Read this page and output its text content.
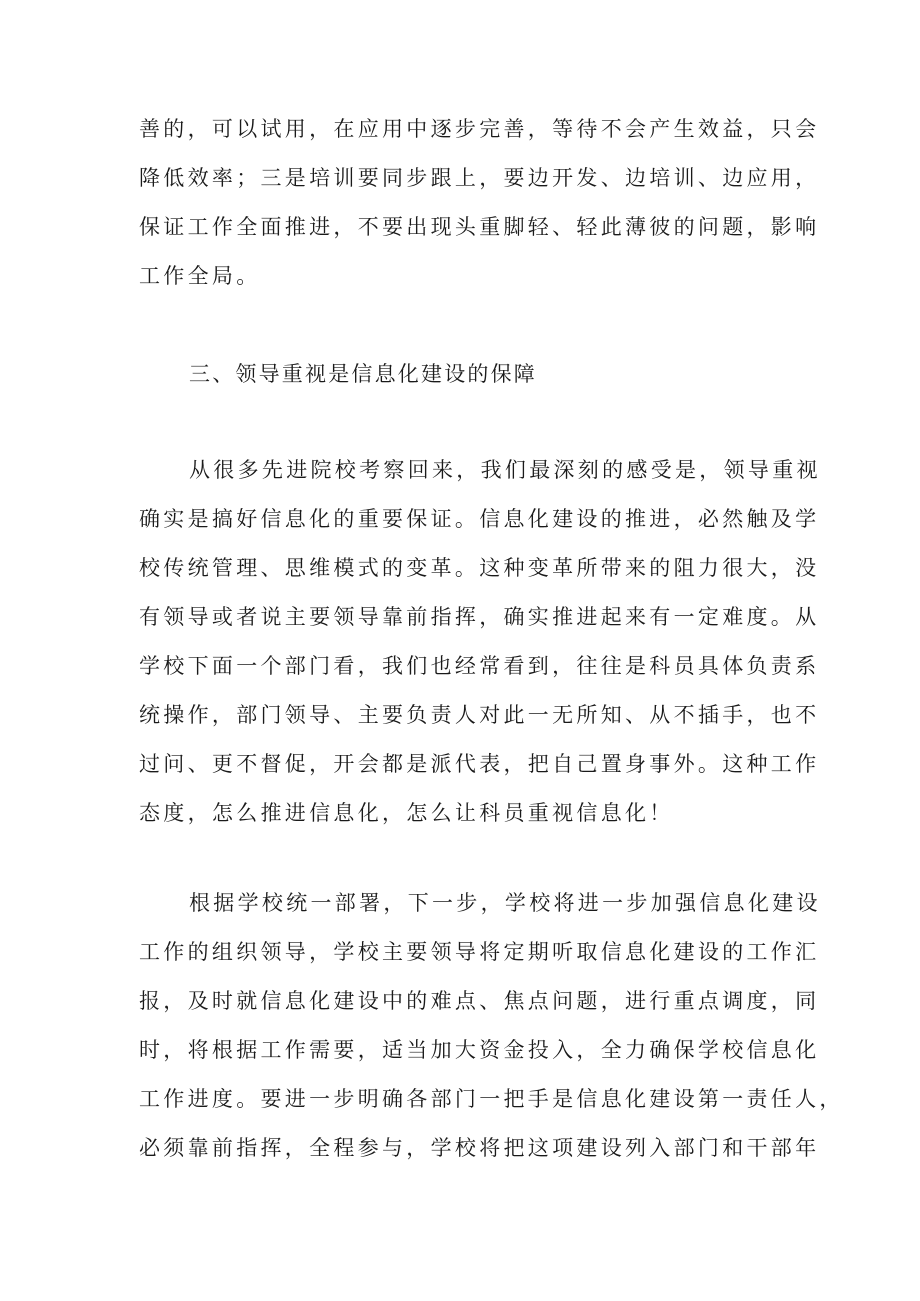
善的，可以试用，在应用中逐步完善，等待不会产生效益，只会
降低效率；三是培训要同步跟上，要边开发、边培训、边应用，
保证工作全面推进，不要出现头重脚轻、轻此薄彼的问题，影响
工作全局。
三、领导重视是信息化建设的保障
从很多先进院校考察回来，我们最深刻的感受是，领导重视
确实是搞好信息化的重要保证。信息化建设的推进，必然触及学
校传统管理、思维模式的变革。这种变革所带来的阻力很大，没
有领导或者说主要领导靠前指挥，确实推进起来有一定难度。从
学校下面一个部门看，我们也经常看到，往往是科员具体负责系
统操作，部门领导、主要负责人对此一无所知、从不插手，也不
过问、更不督促，开会都是派代表，把自己置身事外。这种工作
态度，怎么推进信息化，怎么让科员重视信息化！
根据学校统一部署，下一步，学校将进一步加强信息化建设
工作的组织领导，学校主要领导将定期听取信息化建设的工作汇
报，及时就信息化建设中的难点、焦点问题，进行重点调度，同
时，将根据工作需要，适当加大资金投入，全力确保学校信息化
工作进度。要进一步明确各部门一把手是信息化建设第一责任人，
必须靠前指挥，全程参与，学校将把这项建设列入部门和干部年
